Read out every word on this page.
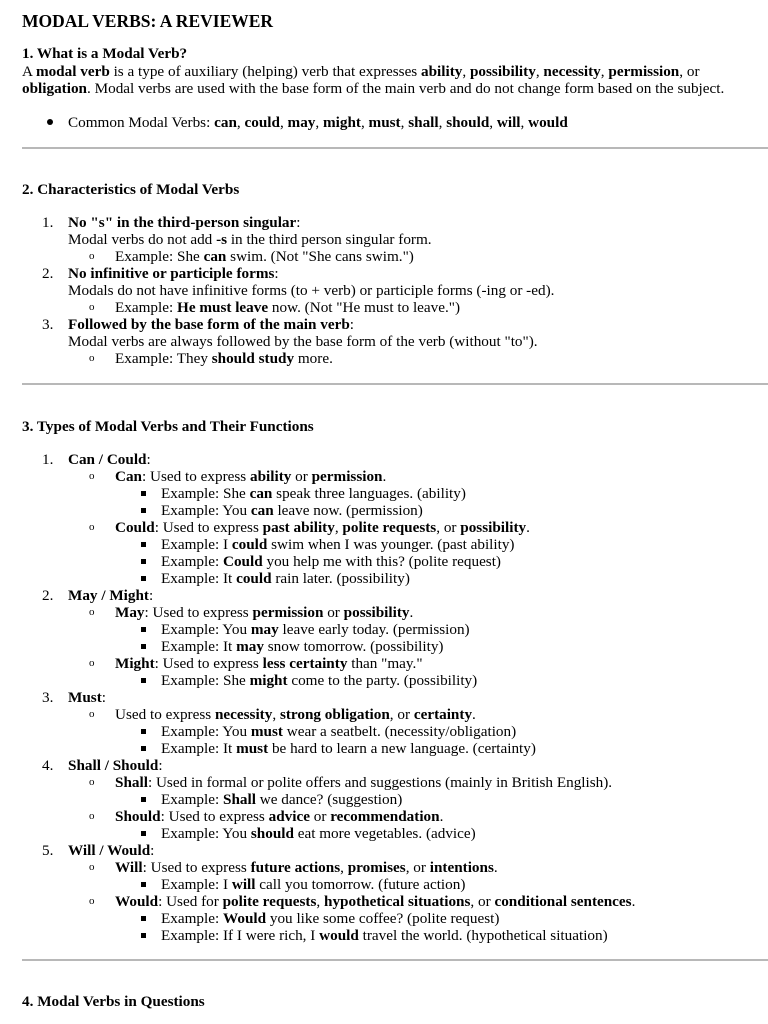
MODAL VERBS: A REVIEWER
1. What is a Modal Verb?

A modal verb is a type of auxiliary (helping) verb that expresses ability, possibility, necessity, permission, or obligation. Modal verbs are used with the base form of the main verb and do not change form based on the subject.

Common Modal Verbs: can, could, may, might, must, shall, should, will, would
2. Characteristics of Modal Verbs
1. No "s" in the third-person singular:
Modal verbs do not add -s in the third person singular form.
o Example: She can swim. (Not "She cans swim.")
2. No infinitive or participle forms:
Modals do not have infinitive forms (to + verb) or participle forms (-ing or -ed).
o Example: He must leave now. (Not "He must to leave.")
3. Followed by the base form of the main verb:
Modal verbs are always followed by the base form of the verb (without "to").
o Example: They should study more.
3. Types of Modal Verbs and Their Functions
1. Can / Could:
o Can: Used to express ability or permission.
Example: She can speak three languages. (ability)
Example: You can leave now. (permission)
o Could: Used to express past ability, polite requests, or possibility.
Example: I could swim when I was younger. (past ability)
Example: Could you help me with this? (polite request)
Example: It could rain later. (possibility)
2. May / Might:
o May: Used to express permission or possibility.
Example: You may leave early today. (permission)
Example: It may snow tomorrow. (possibility)
o Might: Used to express less certainty than "may."
Example: She might come to the party. (possibility)
3. Must:
o Used to express necessity, strong obligation, or certainty.
Example: You must wear a seatbelt. (necessity/obligation)
Example: It must be hard to learn a new language. (certainty)
4. Shall / Should:
o Shall: Used in formal or polite offers and suggestions (mainly in British English).
Example: Shall we dance? (suggestion)
o Should: Used to express advice or recommendation.
Example: You should eat more vegetables. (advice)
5. Will / Would:
o Will: Used to express future actions, promises, or intentions.
Example: I will call you tomorrow. (future action)
o Would: Used for polite requests, hypothetical situations, or conditional sentences.
Example: Would you like some coffee? (polite request)
Example: If I were rich, I would travel the world. (hypothetical situation)
4. Modal Verbs in Questions
